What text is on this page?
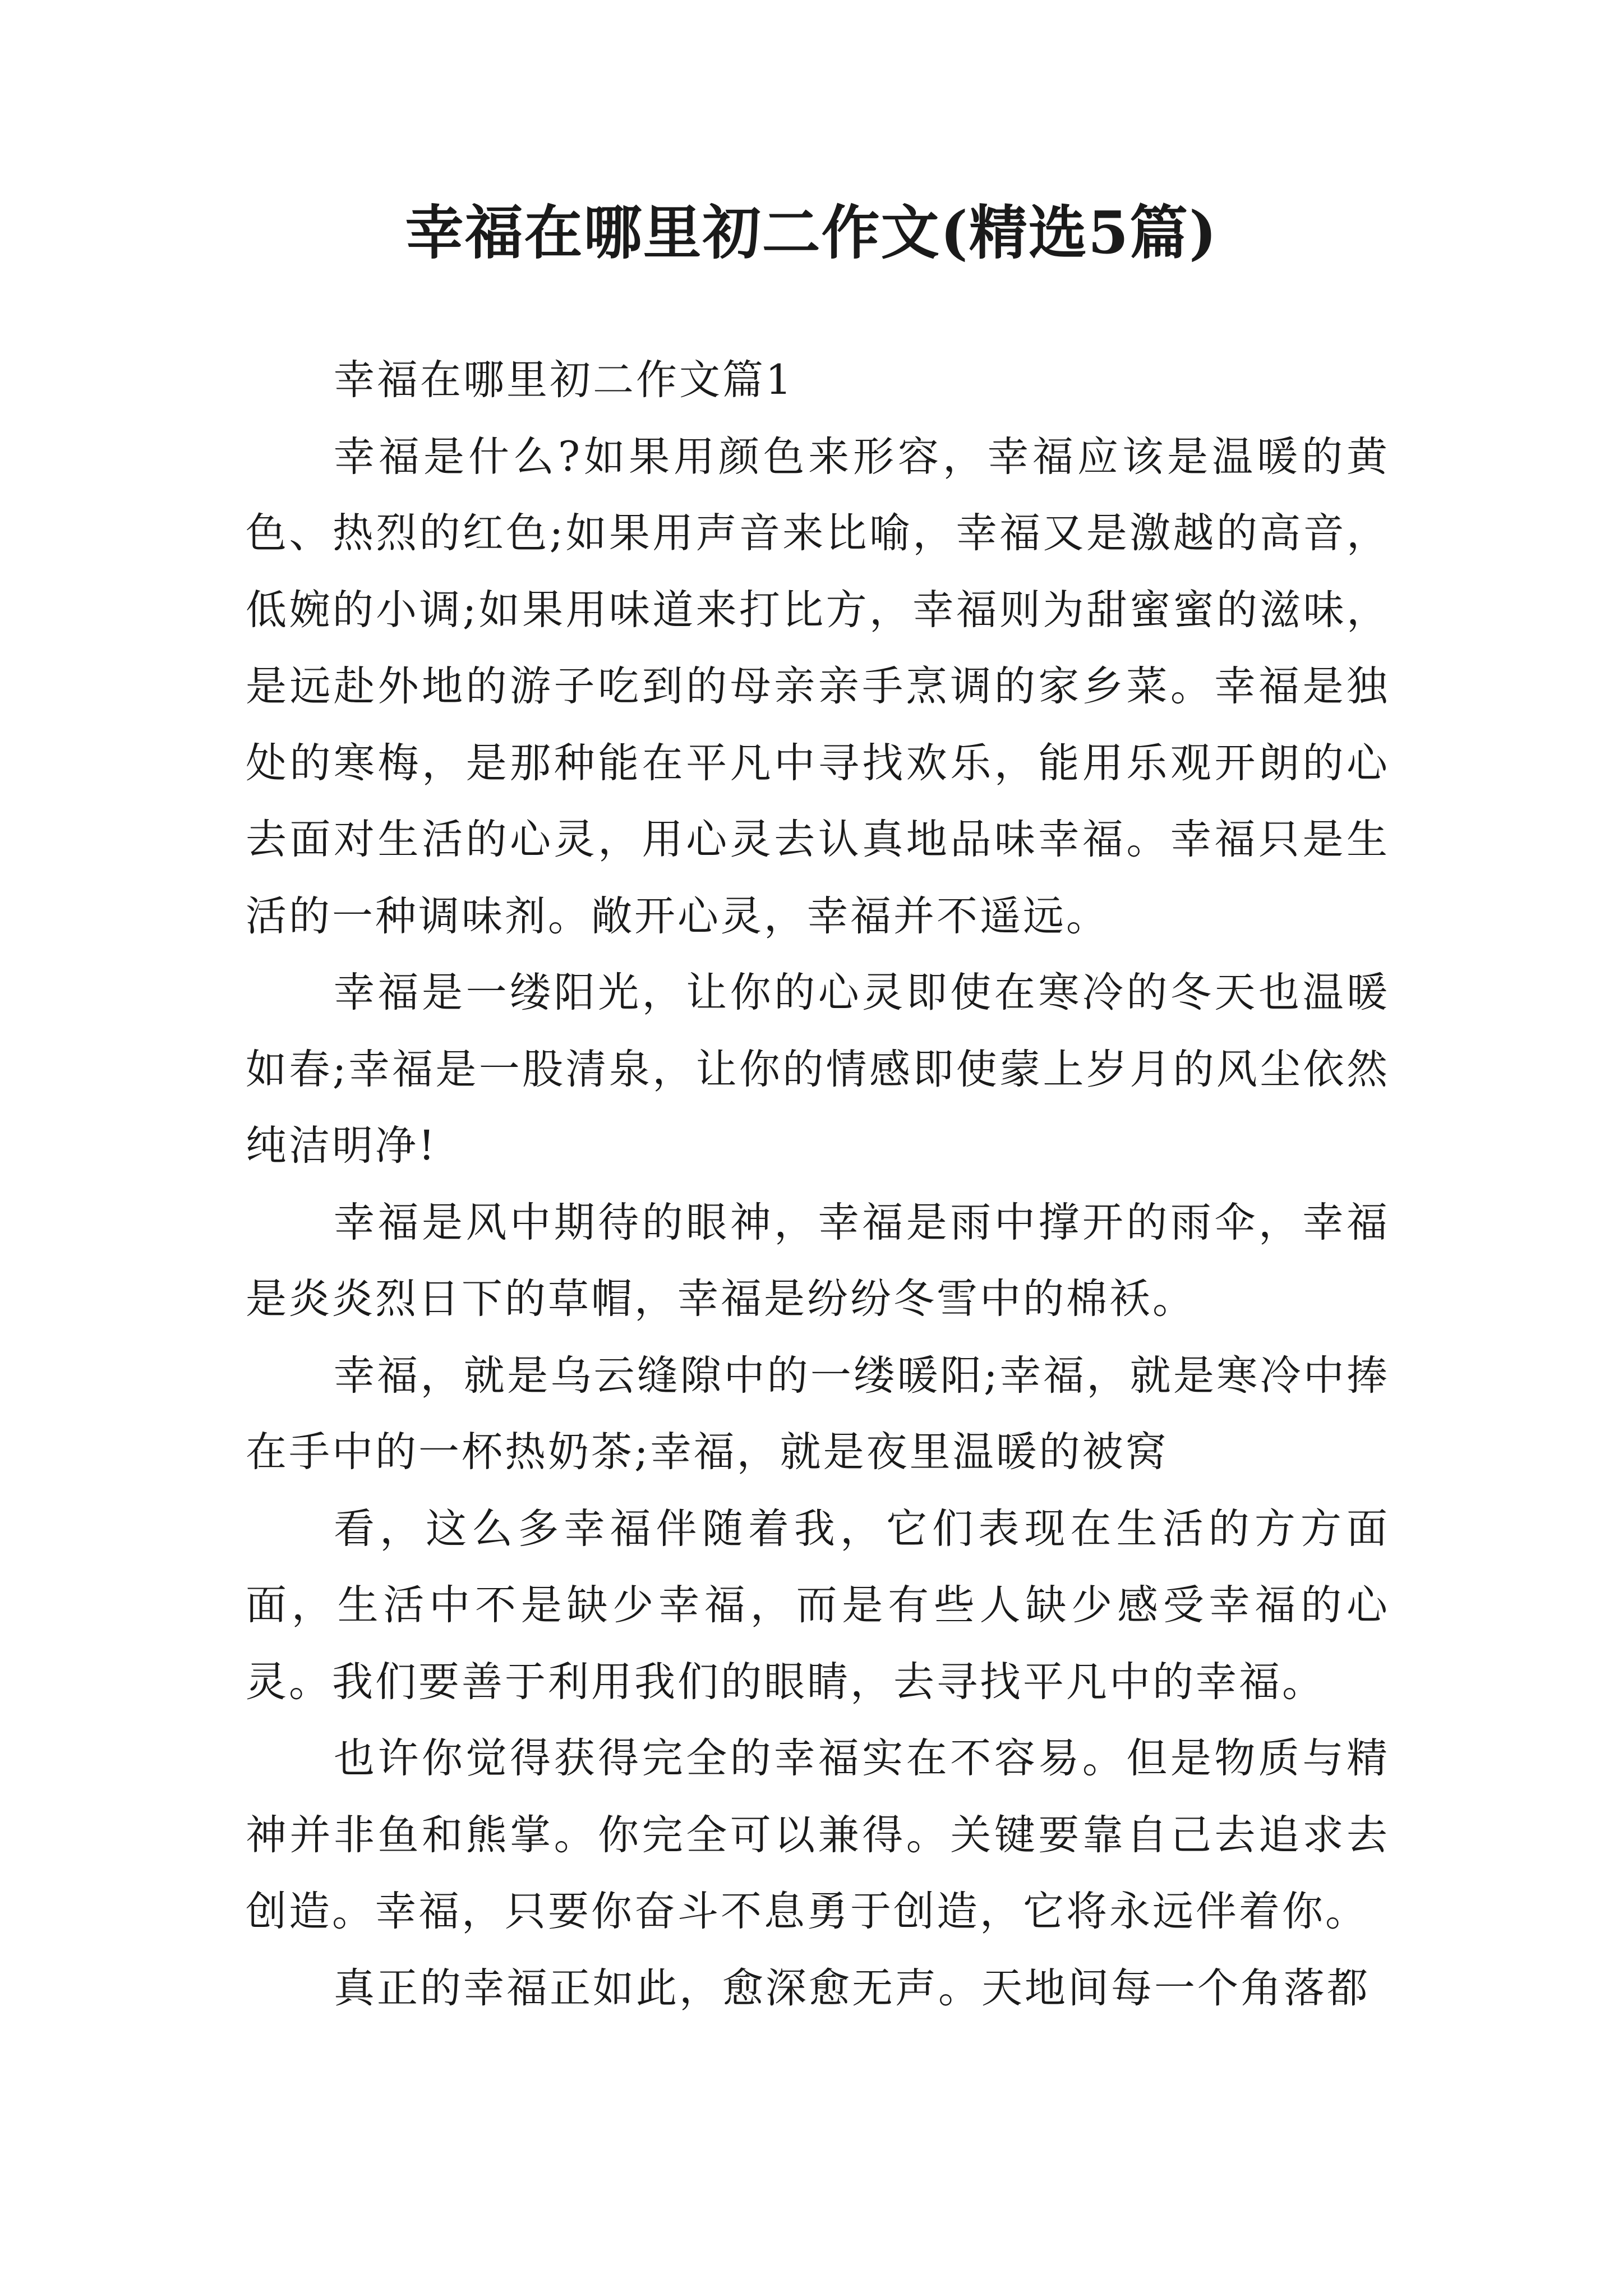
幸福在哪里初二作文(精选5篇)

幸福在哪里初二作文篇1

幸福是什么?如果用颜色来形容，幸福应该是温暖的黄色、热烈的红色;如果用声音来比喻，幸福又是激越的高音，低婉的小调;如果用味道来打比方，幸福则为甜蜜蜜的滋味，是远赴外地的游子吃到的母亲亲手烹调的家乡菜。幸福是独处的寒梅，是那种能在平凡中寻找欢乐，能用乐观开朗的心去面对生活的心灵，用心灵去认真地品味幸福。幸福只是生活的一种调味剂。敞开心灵，幸福并不遥远。

幸福是一缕阳光，让你的心灵即使在寒冷的冬天也温暖如春;幸福是一股清泉，让你的情感即使蒙上岁月的风尘依然纯洁明净!

幸福是风中期待的眼神，幸福是雨中撑开的雨伞，幸福是炎炎烈日下的草帽，幸福是纷纷冬雪中的棉袄。

幸福，就是乌云缝隙中的一缕暖阳;幸福，就是寒冷中捧在手中的一杯热奶茶;幸福，就是夜里温暖的被窝

看，这么多幸福伴随着我，它们表现在生活的方方面面，生活中不是缺少幸福，而是有些人缺少感受幸福的心灵。我们要善于利用我们的眼睛，去寻找平凡中的幸福。

也许你觉得获得完全的幸福实在不容易。但是物质与精神并非鱼和熊掌。你完全可以兼得。关键要靠自己去追求去创造。幸福，只要你奋斗不息勇于创造，它将永远伴着你。

真正的幸福正如此，愈深愈无声。天地间每一个角落都
